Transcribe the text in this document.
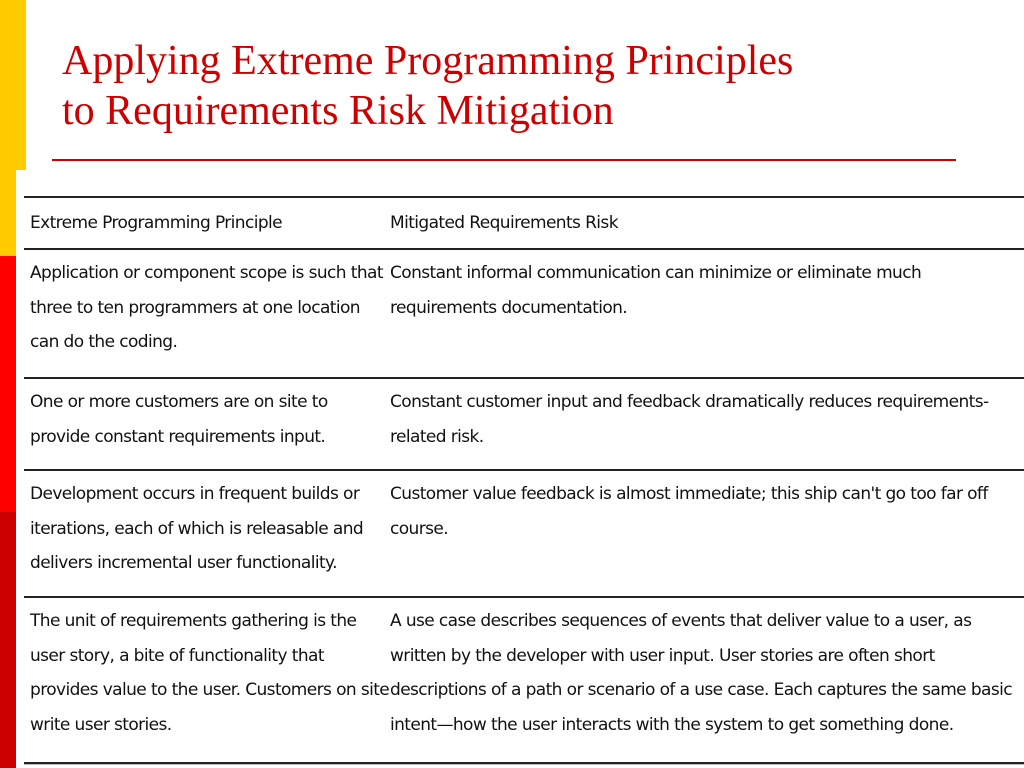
Applying Extreme Programming Principles
to Requirements Risk Mitigation
Extreme Programming Principle	Mitigated Requirements Risk
Application or component scope is such that three to ten programmers at one location can do the coding.
Constant informal communication can minimize or eliminate much requirements documentation.
One or more customers are on site to provide constant requirements input.
Constant customer input and feedback dramatically reduces requirements-related risk.
Development occurs in frequent builds or iterations, each of which is releasable and delivers incremental user functionality.
Customer value feedback is almost immediate; this ship can't go too far off course.
The unit of requirements gathering is the user story, a bite of functionality that provides value to the user. Customers on site write user stories.
A use case describes sequences of events that deliver value to a user, as written by the developer with user input. User stories are often short descriptions of a path or scenario of a use case. Each captures the same basic intent—how the user interacts with the system to get something done.
